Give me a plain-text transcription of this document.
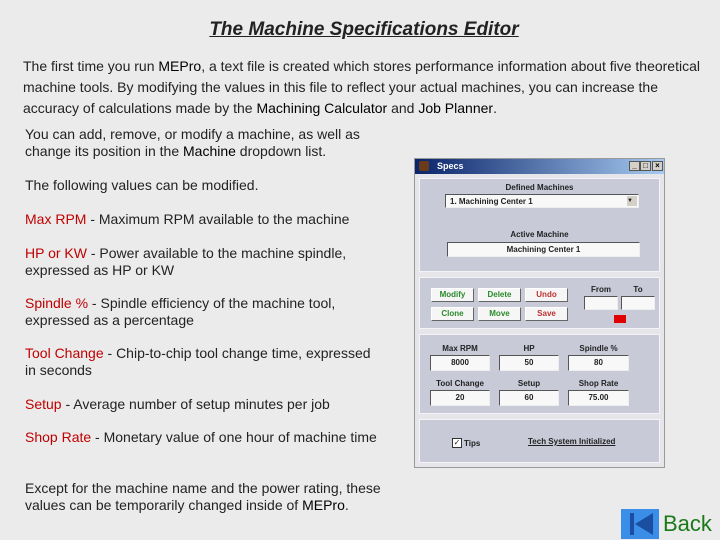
The Machine Specifications Editor
The first time you run MEPro, a text file is created which stores performance information about five theoretical machine tools. By modifying the values in this file to reflect your actual machines, you can increase the accuracy of calculations made by the Machining Calculator and Job Planner.
You can add, remove, or modify a machine, as well as change its position in the Machine dropdown list.
The following values can be modified.
Max RPM - Maximum RPM available to the machine
HP or KW - Power available to the machine spindle, expressed as HP or KW
Spindle % - Spindle efficiency of the machine tool, expressed as a percentage
Tool Change - Chip-to-chip tool change time, expressed in seconds
Setup - Average number of setup minutes per job
Shop Rate - Monetary value of one hour of machine time
Except for the machine name and the power rating, these values can be temporarily changed inside of MEPro.
Specs	_ □ ×
Defined Machines
1. Machining Center 1	▼
Active Machine
Machining Center 1
Modify	Delete	Undo
Clone	Move	Save
From	To
Max RPM
8000
HP
50
Spindle %
80
Tool Change
20
Setup
60
Shop Rate
75.00
✓ Tips	Tech System Initialized
Back
